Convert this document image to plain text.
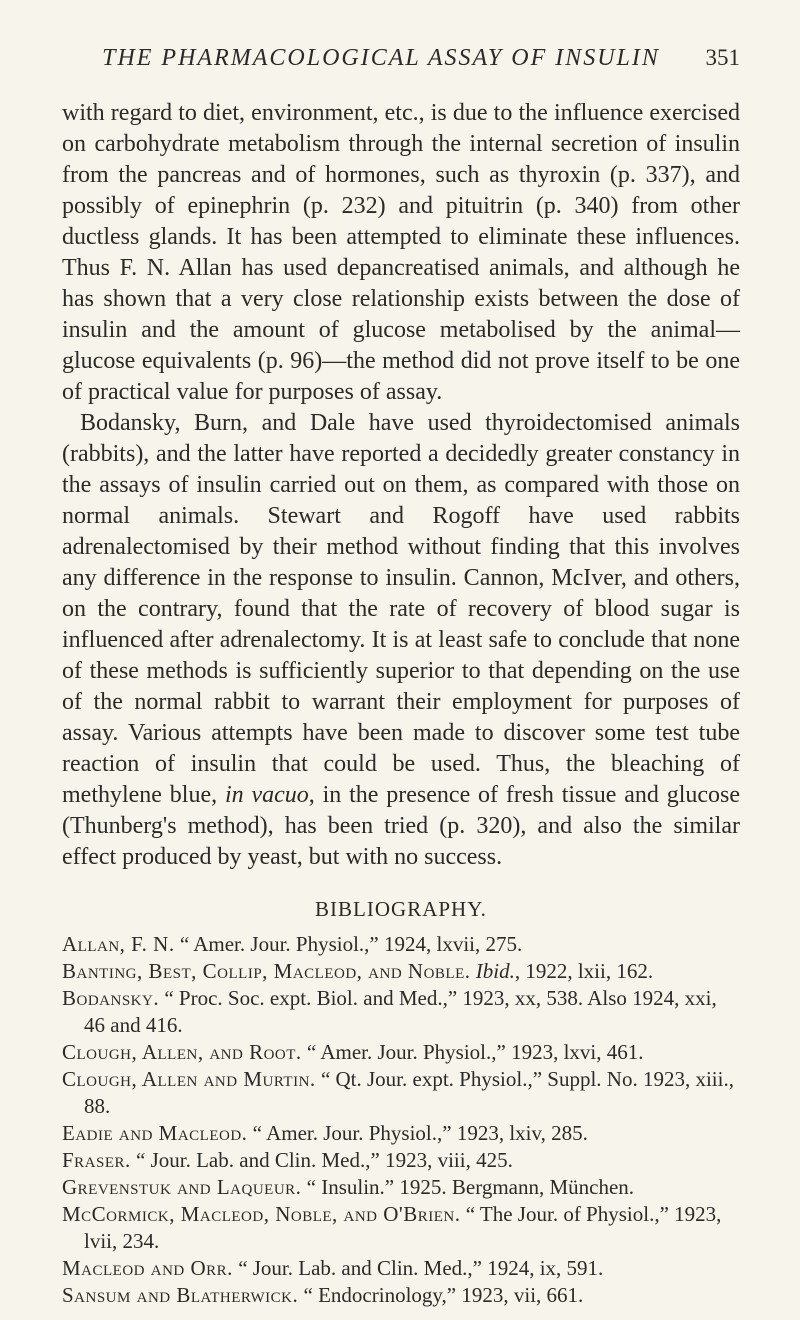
THE PHARMACOLOGICAL ASSAY OF INSULIN	351

with regard to diet, environment, etc., is due to the influence exercised on carbohydrate metabolism through the internal secretion of insulin from the pancreas and of hormones, such as thyroxin (p. 337), and possibly of epinephrin (p. 232) and pituitrin (p. 340) from other ductless glands. It has been attempted to eliminate these influences. Thus F. N. Allan has used depancreatised animals, and although he has shown that a very close relationship exists between the dose of insulin and the amount of glucose metabolised by the animal—glucose equivalents (p. 96)—the method did not prove itself to be one of practical value for purposes of assay.

Bodansky, Burn, and Dale have used thyroidectomised animals (rabbits), and the latter have reported a decidedly greater constancy in the assays of insulin carried out on them, as compared with those on normal animals. Stewart and Rogoff have used rabbits adrenalectomised by their method without finding that this involves any difference in the response to insulin. Cannon, McIver, and others, on the contrary, found that the rate of recovery of blood sugar is influenced after adrenalectomy. It is at least safe to conclude that none of these methods is sufficiently superior to that depending on the use of the normal rabbit to warrant their employment for purposes of assay. Various attempts have been made to discover some test tube reaction of insulin that could be used. Thus, the bleaching of methylene blue, in vacuo, in the presence of fresh tissue and glucose (Thunberg's method), has been tried (p. 320), and also the similar effect produced by yeast, but with no success.

BIBLIOGRAPHY.
Allan, F. N. “ Amer. Jour. Physiol.,” 1924, lxvii, 275.
Banting, Best, Collip, Macleod, and Noble. Ibid., 1922, lxii, 162.
Bodansky. “ Proc. Soc. expt. Biol. and Med.,” 1923, xx, 538. Also 1924, xxi, 46 and 416.
Clough, Allen, and Root. “ Amer. Jour. Physiol.,” 1923, lxvi, 461.
Clough, Allen and Murtin. “ Qt. Jour. expt. Physiol.,” Suppl. No. 1923, xiii., 88.
Eadie and Macleod. “ Amer. Jour. Physiol.,” 1923, lxiv, 285.
Fraser. “ Jour. Lab. and Clin. Med.,” 1923, viii, 425.
Grevenstuk and Laqueur. “ Insulin.” 1925. Bergmann, München.
McCormick, Macleod, Noble, and O'Brien. “ The Jour. of Physiol.,” 1923, lvii, 234.
Macleod and Orr. “ Jour. Lab. and Clin. Med.,” 1924, ix, 591.
Sansum and Blatherwick. “ Endocrinology,” 1923, vii, 661.
